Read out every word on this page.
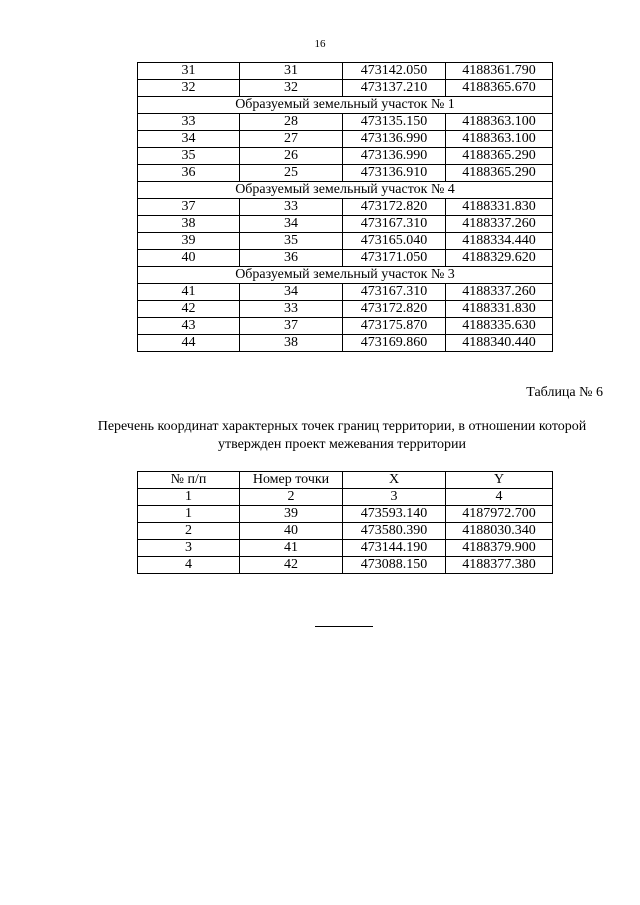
16
31	31	473142.050	4188361.790
32	32	473137.210	4188365.670
Образуемый земельный участок № 1			
33	28	473135.150	4188363.100
34	27	473136.990	4188363.100
35	26	473136.990	4188365.290
36	25	473136.910	4188365.290
Образуемый земельный участок № 4			
37	33	473172.820	4188331.830
38	34	473167.310	4188337.260
39	35	473165.040	4188334.440
40	36	473171.050	4188329.620
Образуемый земельный участок № 3			
41	34	473167.310	4188337.260
42	33	473172.820	4188331.830
43	37	473175.870	4188335.630
44	38	473169.860	4188340.440
Таблица № 6
Перечень координат характерных точек границ территории, в отношении которой утвержден проект межевания территории
№ п/п	Номер точки	X	Y
1	2	3	4
1	39	473593.140	4187972.700
2	40	473580.390	4188030.340
3	41	473144.190	4188379.900
4	42	473088.150	4188377.380
